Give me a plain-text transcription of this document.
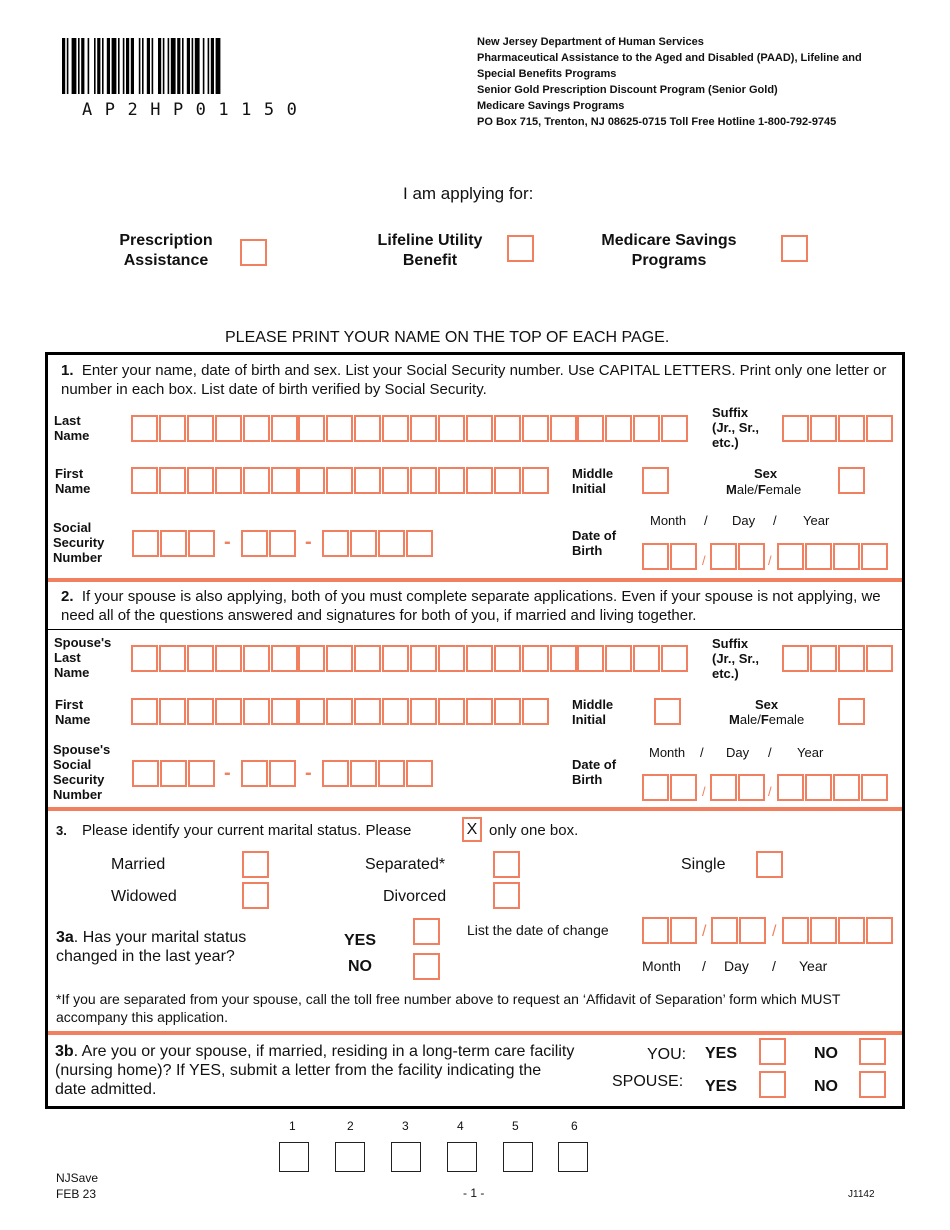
AP2HP01150
New Jersey Department of Human Services
Pharmaceutical Assistance to the Aged and Disabled (PAAD), Lifeline and
Special Benefits Programs
Senior Gold Prescription Discount Program (Senior Gold)
Medicare Savings Programs
PO Box 715, Trenton, NJ 08625-0715 Toll Free Hotline 1-800-792-9745
I am applying for:
Prescription
Assistance
Lifeline Utility
Benefit
Medicare Savings
Programs
PLEASE PRINT YOUR NAME ON THE TOP OF EACH PAGE.
1. Enter your name, date of birth and sex. List your Social Security number. Use CAPITAL LETTERS. Print only one letter or number in each box. List date of birth verified by Social Security.
Last Name
Suffix (Jr., Sr., etc.)
First Name
Middle Initial
Sex
Male/Female
Social Security Number
Month / Day / Year
Date of Birth
-	-
/	/
2. If your spouse is also applying, both of you must complete separate applications. Even if your spouse is not applying, we need all of the questions answered and signatures for both of you, if married and living together.
Spouse's Last Name
Suffix (Jr., Sr., etc.)
First Name
Middle Initial
Sex
Male/Female
Spouse's Social Security Number
Month / Day / Year
Date of Birth
-	-
/	/
3. Please identify your current marital status. Please	X only one box.
Married	Separated*	Single
Widowed	Divorced
3a. Has your marital status changed in the last year?
YES
NO
List the date of change	/	/
Month / Day / Year
*If you are separated from your spouse, call the toll free number above to request an ‘Affidavit of Separation’ form which MUST accompany this application.
3b. Are you or your spouse, if married, residing in a long-term care facility (nursing home)? If YES, submit a letter from the facility indicating the date admitted.
YOU: YES	NO
SPOUSE: YES	NO
1	2	3	4	5	6
NJSave
FEB 23	- 1 -	J1142
